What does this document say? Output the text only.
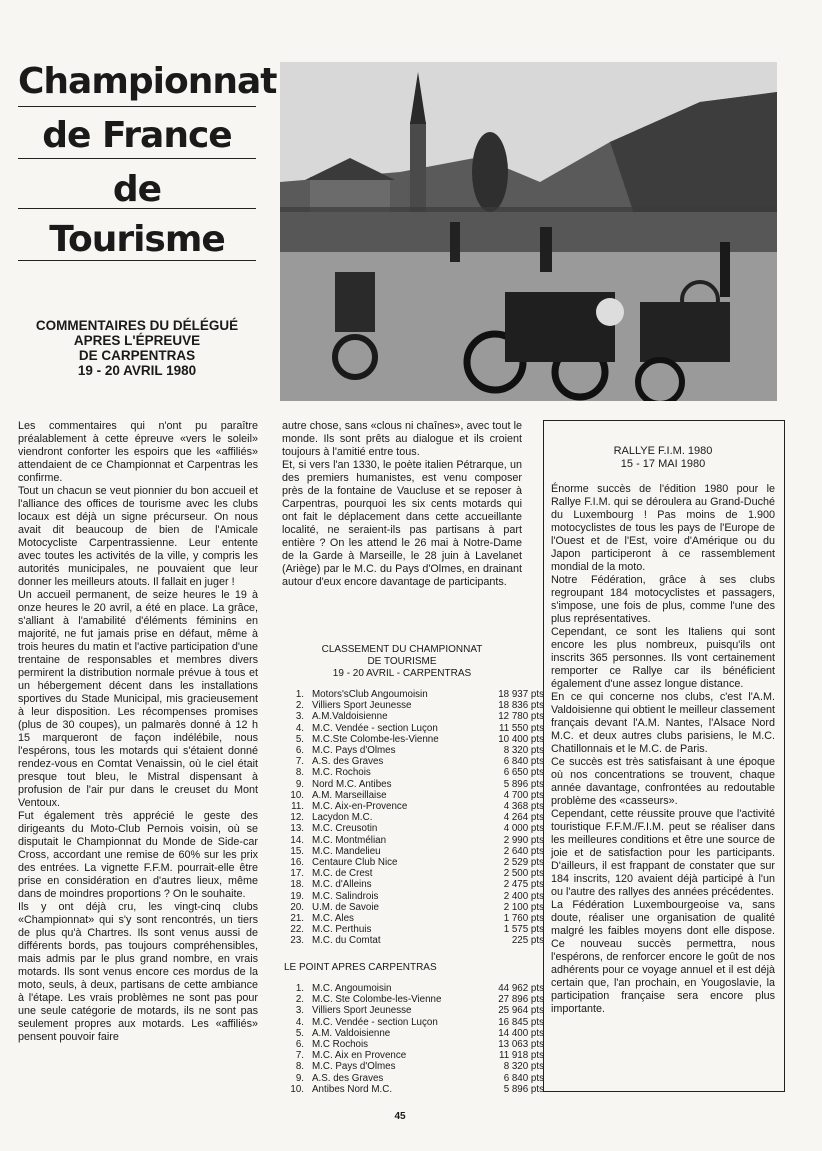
Championnat
de France
de
Tourisme
COMMENTAIRES DU DÉLÉGUÉ
APRES L'ÉPREUVE
DE CARPENTRAS
19 - 20 AVRIL 1980

Les commentaires qui n'ont pu paraître préalablement à cette épreuve «vers le soleil» viendront conforter les espoirs que les «affiliés» attendaient de ce Championnat et Carpentras les confirme.

Tout un chacun se veut pionnier du bon accueil et l'alliance des offices de tourisme avec les clubs locaux est déjà un signe précurseur. On nous avait dit beaucoup de bien de l'Amicale Motocycliste Carpentrassienne. Leur entente avec toutes les activités de la ville, y compris les autorités municipales, ne pouvaient que leur donner les meilleurs atouts. Il fallait en juger !

Un accueil permanent, de seize heures le 19 à onze heures le 20 avril, a été en place. La grâce, s'alliant à l'amabilité d'éléments féminins en majorité, ne fut jamais prise en défaut, même à trois heures du matin et l'active participation d'une trentaine de responsables et membres divers permirent la distribution normale prévue à tous et un hébergement décent dans les installations sportives du Stade Municipal, mis gracieusement à leur disposition. Les récompenses promises (plus de 30 coupes), un palmarès donné à 12 h 15 marqueront de façon indélébile, nous l'espérons, tous les motards qui s'étaient donné rendez-vous en Comtat Venaissin, où le ciel était presque tout bleu, le Mistral dispensant à profusion de l'air pur dans le creuset du Mont Ventoux.

Fut également très apprécié le geste des dirigeants du Moto-Club Pernois voisin, où se disputait le Championnat du Monde de Side-car Cross, accordant une remise de 60% sur les prix des entrées. La vignette F.F.M. pourrait-elle être prise en considération en d'autres lieux, même dans de moindres proportions ? On le souhaite.

Ils y ont déjà cru, les vingt-cinq clubs «Championnat» qui s'y sont rencontrés, un tiers de plus qu'à Chartres. Ils sont venus aussi de différents bords, pas toujours compréhensibles, mais admis par le plus grand nombre, en vrais motards. Ils sont venus encore ces mordus de la moto, seuls, à deux, partisans de cette ambiance à l'étape. Les vrais problèmes ne sont pas pour une seule catégorie de motards, ils ne sont pas seulement propres aux motards. Les «affiliés» pensent pouvoir faire

autre chose, sans «clous ni chaînes», avec tout le monde. Ils sont prêts au dialogue et ils croient toujours à l'amitié entre tous.

Et, si vers l'an 1330, le poète italien Pétrarque, un des premiers humanistes, est venu composer près de la fontaine de Vaucluse et se reposer à Carpentras, pourquoi les six cents motards qui ont fait le déplacement dans cette accueillante localité, ne seraient-ils pas partisans à part entière ? On les attend le 26 mai à Notre-Dame de la Garde à Marseille, le 28 juin à Lavelanet (Ariège) par le M.C. du Pays d'Olmes, en drainant autour d'eux encore davantage de participants.

CLASSEMENT DU CHAMPIONNAT
DE TOURISME
19 - 20 AVRIL - CARPENTRAS
1.	Motors'sClub Angoumoisin	18 937 pts
2.	Villiers Sport Jeunesse	18 836 pts
3.	A.M.Valdoisienne	12 780 pts
4.	M.C. Vendée - section Luçon	11 550 pts
5.	M.C.Ste Colombe-les-Vienne	10 400 pts
6.	M.C. Pays d'Olmes	8 320 pts
7.	A.S. des Graves	6 840 pts
8.	M.C. Rochois	6 650 pts
9.	Nord M.C. Antibes	5 896 pts
10.	A.M. Marseillaise	4 700 pts
11.	M.C. Aix-en-Provence	4 368 pts
12.	Lacydon M.C.	4 264 pts
13.	M.C. Creusotin	4 000 pts
14.	M.C. Montmélian	2 990 pts
15.	M.C. Mandelieu	2 640 pts
16.	Centaure Club Nice	2 529 pts
17.	M.C. de Crest	2 500 pts
18.	M.C. d'Alleins	2 475 pts
19.	M.C. Salindrois	2 400 pts
20.	U.M. de Savoie	2 100 pts
21.	M.C. Ales	1 760 pts
22.	M.C. Perthuis	1 575 pts
23.	M.C. du Comtat	225 pts
LE POINT APRES CARPENTRAS
1.	M.C. Angoumoisin	44 962 pts
2.	M.C. Ste Colombe-les-Vienne	27 896 pts
3.	Villiers Sport Jeunesse	25 964 pts
4.	M.C. Vendée - section Luçon	16 845 pts
5.	A.M. Valdoisienne	14 400 pts
6.	M.C Rochois	13 063 pts
7.	M.C. Aix en Provence	11 918 pts
8.	M.C. Pays d'Olmes	8 320 pts
9.	A.S. des Graves	6 840 pts
10.	Antibes Nord M.C.	5 896 pts
RALLYE F.I.M. 1980
15 - 17 MAI 1980

Énorme succès de l'édition 1980 pour le Rallye F.I.M. qui se déroulera au Grand-Duché du Luxembourg ! Pas moins de 1.900 motocyclistes de tous les pays de l'Europe de l'Ouest et de l'Est, voire d'Amérique ou du Japon participeront à ce rassemblement mondial de la moto.

Notre Fédération, grâce à ses clubs regroupant 184 motocyclistes et passagers, s'impose, une fois de plus, comme l'une des plus représentatives.

Cependant, ce sont les Italiens qui sont encore les plus nombreux, puisqu'ils ont inscrits 365 personnes. Ils vont certainement remporter ce Rallye car ils bénéficient également d'une assez longue distance.

En ce qui concerne nos clubs, c'est l'A.M. Valdoisienne qui obtient le meilleur classement français devant l'A.M. Nantes, l'Alsace Nord M.C. et deux autres clubs parisiens, le M.C. Chatillonnais et le M.C. de Paris.

Ce succès est très satisfaisant à une époque où nos concentrations se trouvent, chaque année davantage, confrontées au redoutable problème des «casseurs».

Cependant, cette réussite prouve que l'activité touristique F.F.M./F.I.M. peut se réaliser dans les meilleures conditions et être une source de joie et de satisfaction pour les participants. D'ailleurs, il est frappant de constater que sur 184 inscrits, 120 avaient déjà participé à l'un ou l'autre des rallyes des années précédentes.

La Fédération Luxembourgeoise va, sans doute, réaliser une organisation de qualité malgré les faibles moyens dont elle dispose. Ce nouveau succès permettra, nous l'espérons, de renforcer encore le goût de nos adhérents pour ce voyage annuel et il est déjà certain que, l'an prochain, en Yougoslavie, la participation française sera encore plus importante.

45
